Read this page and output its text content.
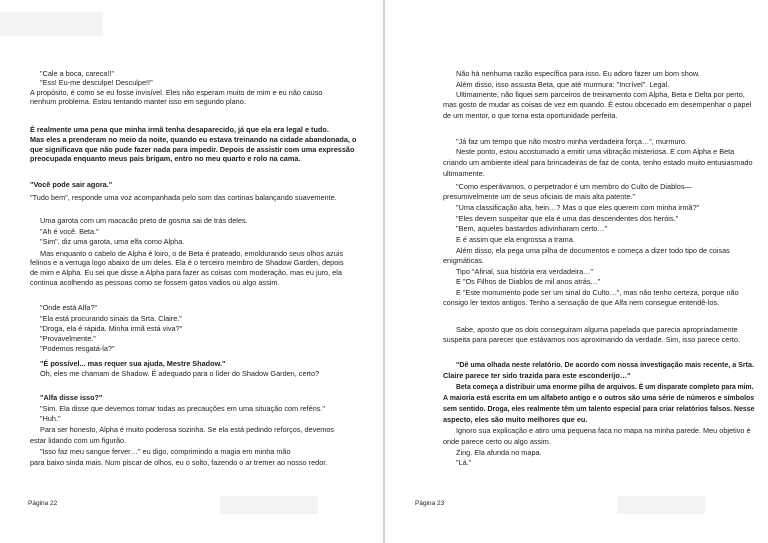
"Cale a boca, careca!!"
"Ess! Eu-me desculpe! Desculpe!!"
A propósito, é como se eu fosse invisível. Eles não esperam muito de mim e eu não causo
nenhum problema. Estou tentando manter isso em segundo plano.
É realmente uma pena que minha irmã tenha desaparecido, já que ela era legal e tudo.
Mas eles a prenderam no meio da noite, quando eu estava treinando na cidade abandonada, o
que significava que não pude fazer nada para impedir. Depois de assistir com uma expressão
preocupada enquanto meus pais brigam, entro no meu quarto e rolo na cama.
"Você pode sair agora."
"Tudo bem", responde uma voz acompanhada pelo som das cortinas balançando suavemente.
Uma garota com um macacão preto de gosma sai de trás deles.
"Ah é você. Beta."
"Sim", diz uma garota, uma elfa como Alpha.
Mas enquanto o cabelo de Alpha é loiro, o de Beta é prateado, emoldurando seus olhos azuis
felinos e a verruga logo abaixo de um deles. Ela é o terceiro membro de Shadow Garden, depois
de mim e Alpha. Eu sei que disse a Alpha para fazer as coisas com moderação, mas eu juro, ela
continua acolhendo as pessoas como se fossem gatos vadios ou algo assim.
"Onde está Alfa?"
"Ela está procurando sinais da Srta. Claire."
"Droga, ela é rápida. Minha irmã está viva?"
"Provavelmente."
"Podemos resgatá-la?"
"É possível... mas requer sua ajuda, Mestre Shadow."
Oh, eles me chamam de Shadow. É adequado para o líder do Shadow Garden, certo?
"Alfa disse isso?"
"Sim. Ela disse que devemos tomar todas as precauções em uma situação com reféns."
"Huh."
Para ser honesto, Alpha é muito poderosa sozinha. Se ela está pedindo reforços, devemos
estar lidando com um figurão.
"Isso faz meu sangue ferver…" eu digo, comprimindo a magia em minha mão
para baixo sinda mais. Num piscar de olhos, eu o solto, fazendo o ar tremer ao nosso redor.
Página 22
Não há nenhuma razão específica para isso. Eu adoro fazer um bom show.
Além disso, isso assusta Beta, que até murmura: "Incrível". Legal.
Ultimamente, não fiquei sem parceiros de treinamento com Alpha, Beta e Delta por perto,
mas gosto de mudar as coisas de vez em quando. É estou obcecado em desempenhar o papel
de um mentor, o que torna esta oportunidade perfeita.
"Já faz um tempo que não mostro minha verdadeira força…", murmuro.
Neste ponto, estou acostumado a emitir uma vibração misteriosa. E com Alpha e Beta
criando um ambiente ideal para brincadeiras de faz de conta, tenho estado muito entusiasmado
ultimamente.
"Como esperávamos, o perpetrador é um membro do Culto de Diablos—
presumivelmente um de seus oficiais de mais alta patente."
"Uma classificação alta, hein…? Mas o que eles querem com minha irmã?"
"Eles devem suspeitar que ela é uma das descendentes dos heróis."
"Bem, aqueles bastardos adivinharam certo…"
E é assim que ela engrossa a trama.
Além disso, ela pega uma pilha de documentos e começa a dizer todo tipo de coisas
enigmáticas.
Tipo "Afinal, sua história era verdadeira…"
E "Os Filhos de Diablos de mil anos atrás…"
E "Este monumento pode ser um sinal do Culto…", mas não tenho certeza, porque não
consigo ler textos antigos. Tenho a sensação de que Alfa nem consegue entendê-los.
Sabe, aposto que os dois conseguiram alguma papelada que parecia apropriadamente
suspeita para parecer que estávamos nos aproximando da verdade. Sim, isso parece certo.
"Dê uma olhada neste relatório. De acordo com nossa investigação mais recente, a Srta.
Claire parece ter sido trazida para este esconderijo…"
Beta começa a distribuir uma enorme pilha de arquivos. É um disparate completo para mim.
A maioria está escrita em um alfabeto antigo e o outros são uma série de números e símbolos
sem sentido. Droga, eles realmente têm um talento especial para criar relatórios falsos. Nesse
aspecto, eles são muito melhores que eu.
Ignoro sua explicação e atiro uma pequena faca no mapa na minha parede. Meu objetivo é
onde parece certo ou algo assim.
Zing. Ela afunda no mapa.
"Lá."
Página 23
